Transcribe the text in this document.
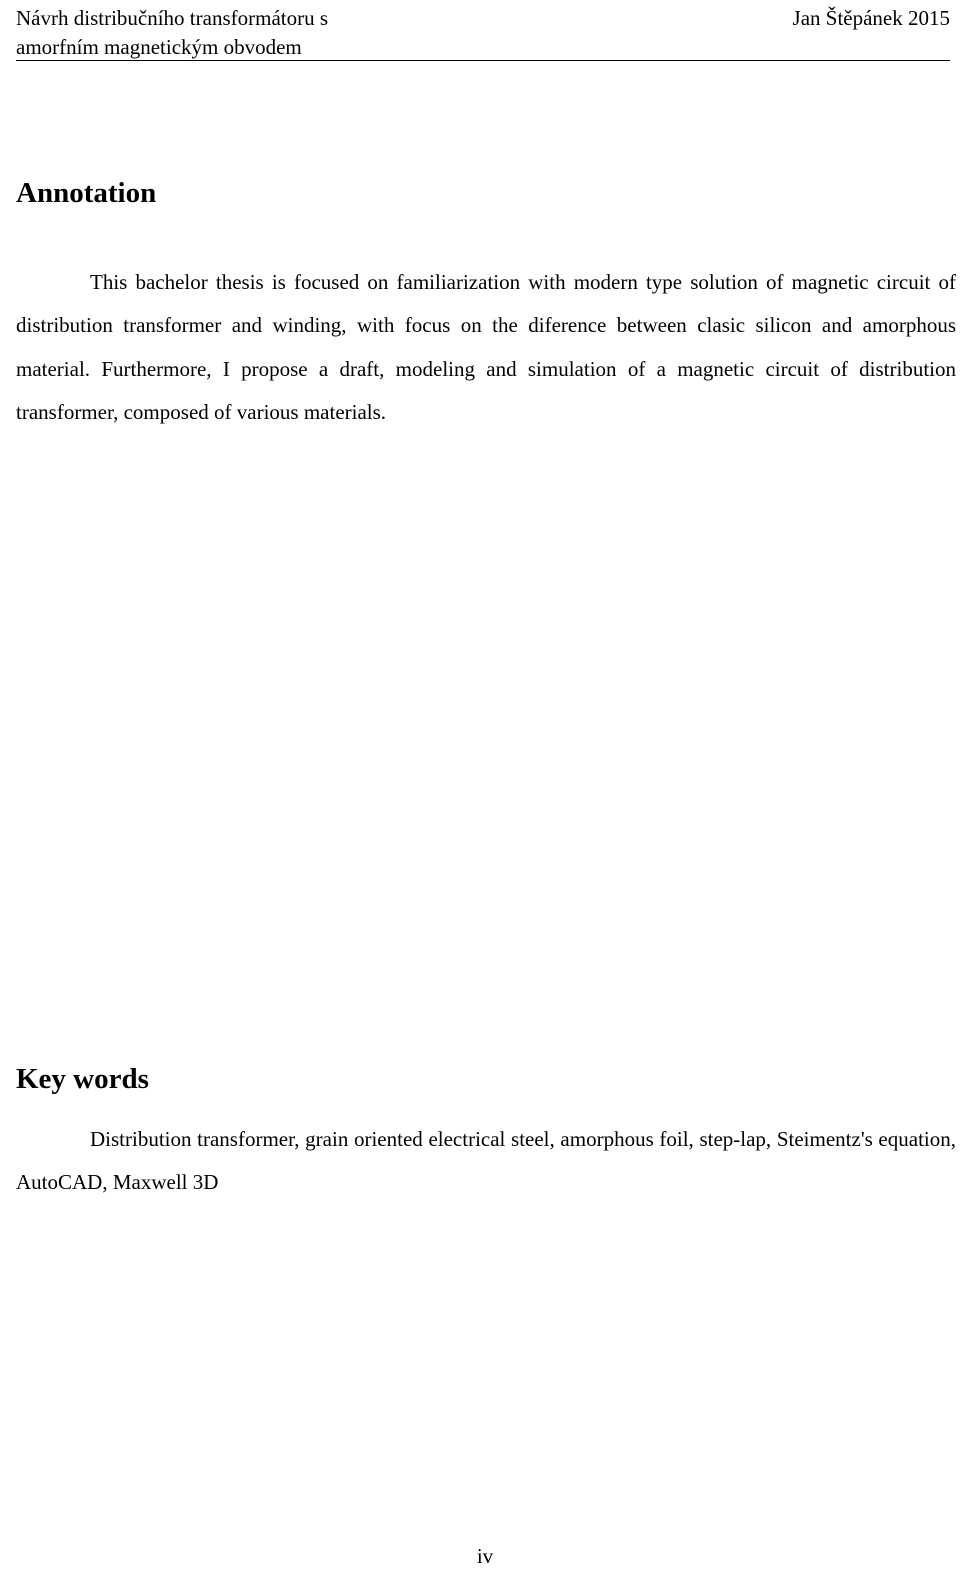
Návrh distribučního transformátoru s
amorfním magnetickým obvodem
Jan Štěpánek 2015
Annotation

This bachelor thesis is focused on familiarization with modern type solution of magnetic circuit of distribution transformer and winding, with focus on the diference between clasic silicon and amorphous material. Furthermore, I propose a draft, modeling and simulation of a magnetic circuit of distribution transformer, composed of various materials.

Key words

Distribution transformer, grain oriented electrical steel, amorphous foil, step-lap, Steimentz's equation, AutoCAD, Maxwell 3D

iv
